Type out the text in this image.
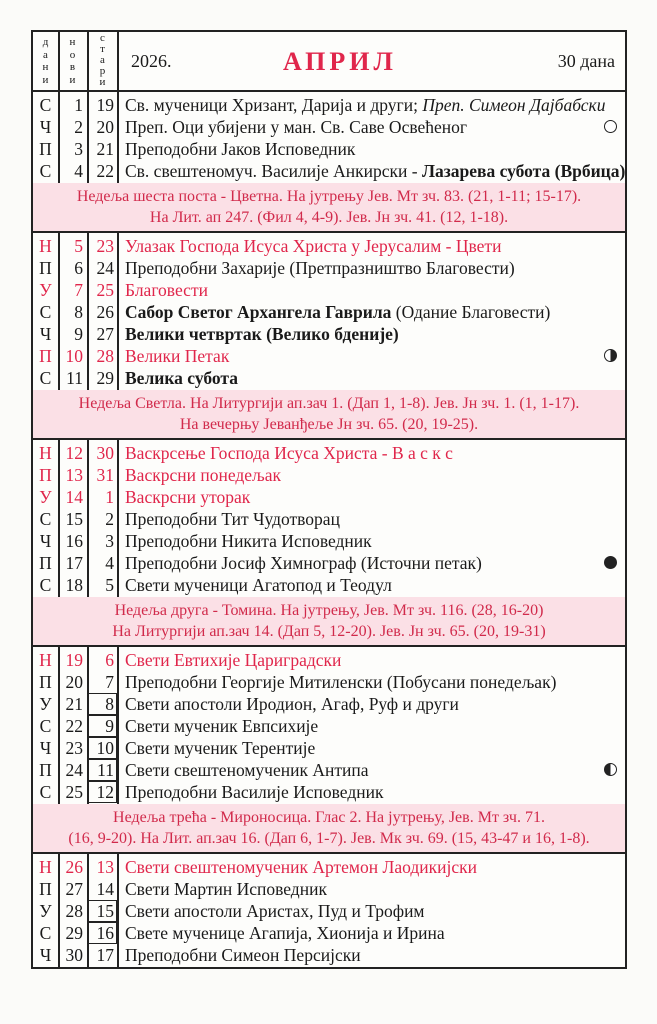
д
а
н
и
н
о
в
и
с
т
а
р
и
2026.	АПРИЛ	30 дана
С	1 19 Св. мученици Хризант, Дарија и други; Преп. Симеон Дајбабски
Ч	2 20 Преп. Оци убијени у ман. Св. Саве Освећеног
П	3 21 Преподобни Јаков Исповедник
С	4 22 Св. свештеномуч. Василије Анкирски - Лазарева субота (Врбица)
Недеља шеста поста - Цветна. На јутрењу Јев. Мт зч. 83. (21, 1-11; 15-17).
На Лит. ап 247. (Фил 4, 4-9). Јев. Јн зч. 41. (12, 1-18).
Н	5 23 Улазак Господа Исуса Христа у Јерусалим - Цвети
П	6 24 Преподобни Захарије (Претпразништво Благовести)
У	7 25 Благовести
С	8 26 Сабор Светог Архангела Гаврила (Одание Благовести)
Ч	9 27 Велики четвртак (Велико бденије)
П 10 28 Велики Петак
С 11 29 Велика субота
Недеља Светла. На Литургији ап.зач 1. (Дап 1, 1-8). Јев. Јн зч. 1. (1, 1-17).
На вечерњу Јеванђеље Јн зч. 65. (20, 19-25).
Н 12 30 Васкрсење Господа Исуса Христа - В а с к с
П 13 31 Васкрсни понедељак
У 14	1 Васкрсни уторак
С 15	2 Преподобни Тит Чудотворац
Ч 16	3 Преподобни Никита Исповедник
П 17	4 Преподобни Јосиф Химнограф (Источни петак)
С 18	5 Свети мученици Агатопод и Теодул
Недеља друга - Томина. На јутрењу, Јев. Мт зч. 116. (28, 16-20)
На Литургији ап.зач 14. (Дап 5, 12-20). Јев. Јн зч. 65. (20, 19-31)
Н 19	6 Свети Евтихије Цариградски
П 20	7 Преподобни Георгије Митиленски (Побусани понедељак)
У 21	8 Свети апостоли Иродион, Агаф, Руф и други
С 22	9 Свети мученик Евпсихије
Ч 23 10 Свети мученик Терентије
П 24 11 Свети свештеномученик Антипа
С 25 12 Преподобни Василије Исповедник
Недеља трећа - Мироносица. Глас 2. На јутрењу, Јев. Мт зч. 71.
(16, 9-20). На Лит. ап.зач 16. (Дап 6, 1-7). Јев. Мк зч. 69. (15, 43-47 и 16, 1-8).
Н 26 13 Свети свештеномученик Артемон Лаодикијски
П 27 14 Свети Мартин Исповедник
У 28 15 Свети апостоли Аристах, Пуд и Трофим
С 29 16 Свете мученице Агапија, Хионија и Ирина
Ч 30 17 Преподобни Симеон Персијски
